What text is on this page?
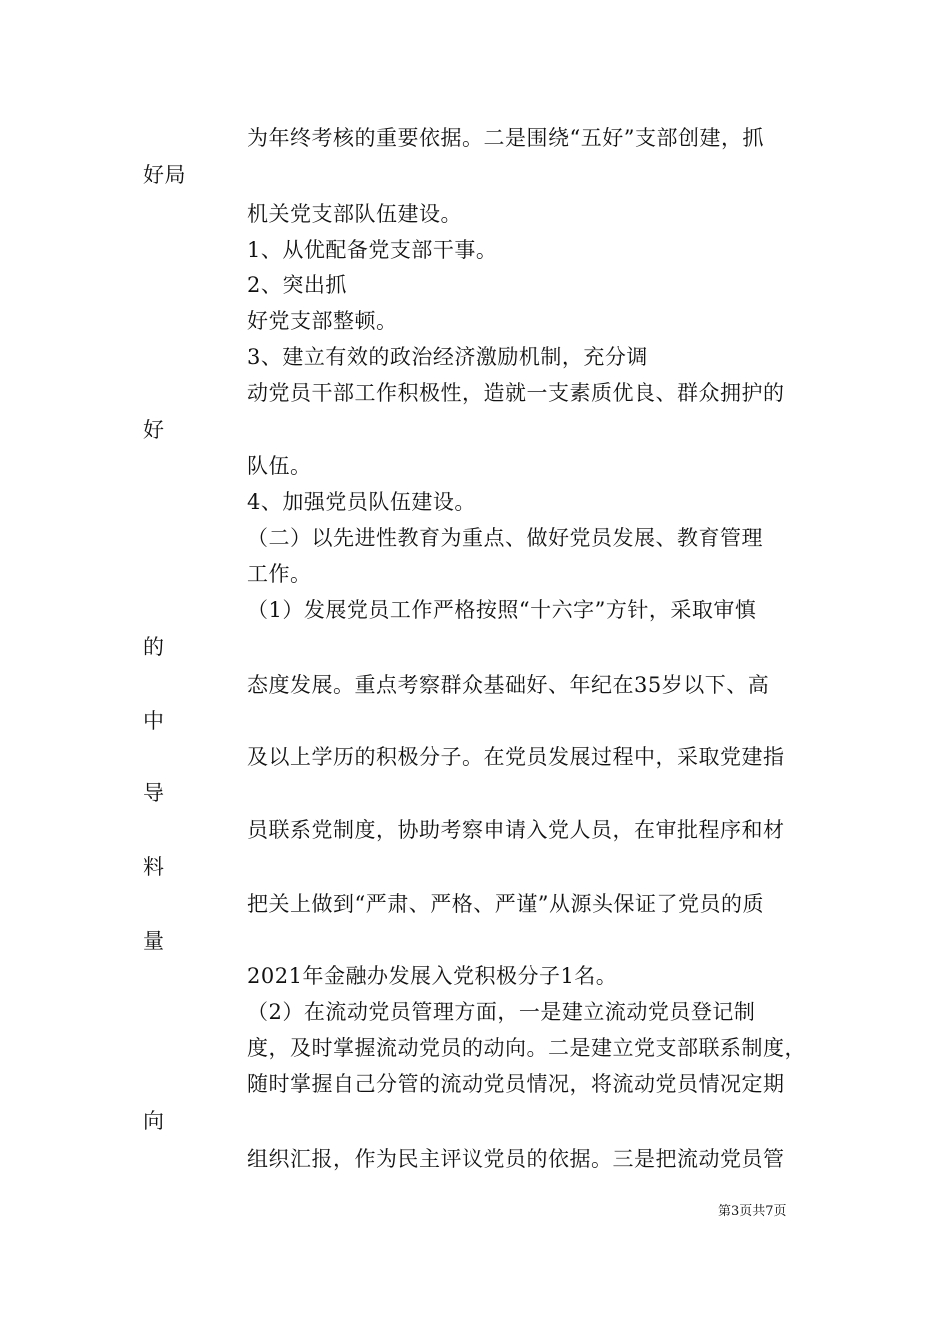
为年终考核的重要依据。二是围绕“五好”支部创建，抓
好局
机关党支部队伍建设。
1、从优配备党支部干事。
2、突出抓
好党支部整顿。
3、建立有效的政治经济激励机制，充分调
动党员干部工作积极性，造就一支素质优良、群众拥护的
好
队伍。
4、加强党员队伍建设。
（二）以先进性教育为重点、做好党员发展、教育管理
工作。
（1）发展党员工作严格按照“十六字”方针，采取审慎
的
态度发展。重点考察群众基础好、年纪在35岁以下、高
中
及以上学历的积极分子。在党员发展过程中，采取党建指
导
员联系党制度，协助考察申请入党人员，在审批程序和材
料
把关上做到“严肃、严格、严谨”从源头保证了党员的质
量
2021年金融办发展入党积极分子1名。
（2）在流动党员管理方面，一是建立流动党员登记制
度，及时掌握流动党员的动向。二是建立党支部联系制度，
随时掌握自己分管的流动党员情况，将流动党员情况定期
向
组织汇报，作为民主评议党员的依据。三是把流动党员管
第3页共7页
